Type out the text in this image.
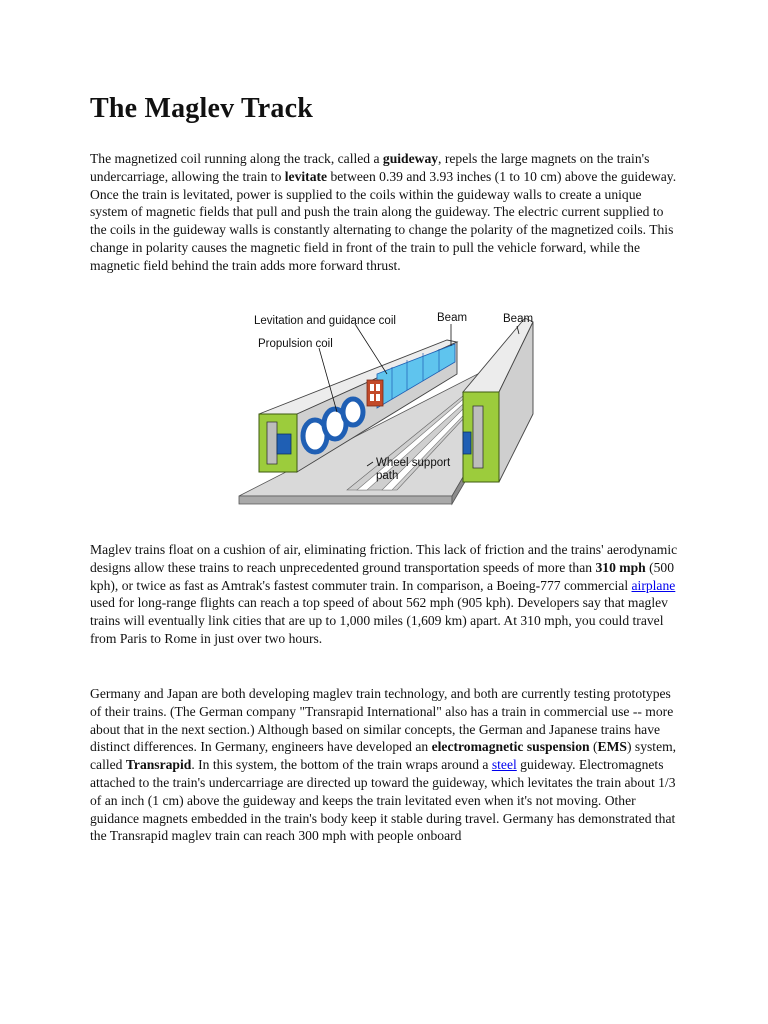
The Maglev Track

The magnetized coil running along the track, called a guideway, repels the large magnets on the train's undercarriage, allowing the train to levitate between 0.39 and 3.93 inches (1 to 10 cm) above the guideway. Once the train is levitated, power is supplied to the coils within the guideway walls to create a unique system of magnetic fields that pull and push the train along the guideway. The electric current supplied to the coils in the guideway walls is constantly alternating to change the polarity of the magnetized coils. This change in polarity causes the magnetic field in front of the train to pull the vehicle forward, while the magnetic field behind the train adds more forward thrust.

Maglev trains float on a cushion of air, eliminating friction. This lack of friction and the trains' aerodynamic designs allow these trains to reach unprecedented ground transportation speeds of more than 310 mph (500 kph), or twice as fast as Amtrak's fastest commuter train. In comparison, a Boeing-777 commercial airplane used for long-range flights can reach a top speed of about 562 mph (905 kph). Developers say that maglev trains will eventually link cities that are up to 1,000 miles (1,609 km) apart. At 310 mph, you could travel from Paris to Rome in just over two hours.

Germany and Japan are both developing maglev train technology, and both are currently testing prototypes of their trains. (The German company "Transrapid International" also has a train in commercial use -- more about that in the next section.) Although based on similar concepts, the German and Japanese trains have distinct differences. In Germany, engineers have developed an electromagnetic suspension (EMS) system, called Transrapid. In this system, the bottom of the train wraps around a steel guideway. Electromagnets attached to the train's undercarriage are directed up toward the guideway, which levitates the train about 1/3 of an inch (1 cm) above the guideway and keeps the train levitated even when it's not moving. Other guidance magnets embedded in the train's body keep it stable during travel. Germany has demonstrated that the Transrapid maglev train can reach 300 mph with people onboard

Levitation and guidance coil	Beam	Beam
Propulsion coil
Wheel support
path
